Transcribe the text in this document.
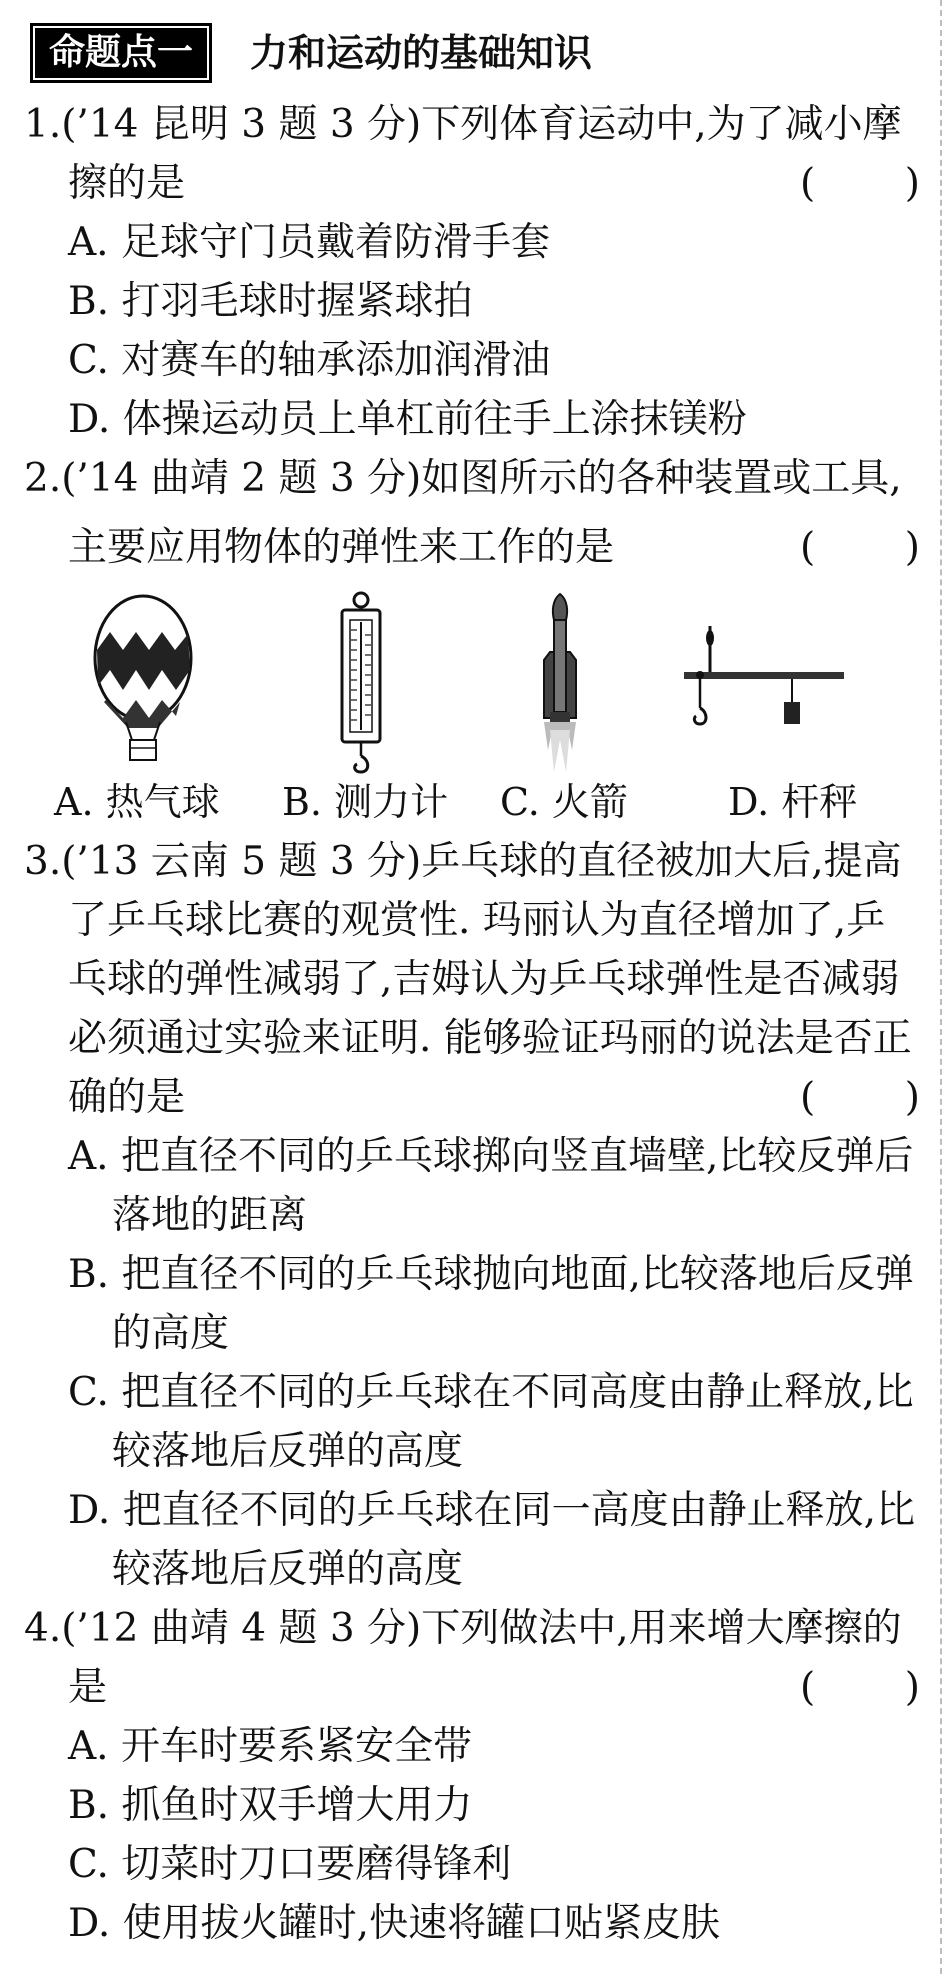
命题点一	力和运动的基础知识
1.(’14 昆明 3 题 3 分)下列体育运动中,为了减小摩
擦的是	( )
A. 足球守门员戴着防滑手套
B. 打羽毛球时握紧球拍
C. 对赛车的轴承添加润滑油
D. 体操运动员上单杠前往手上涂抹镁粉
2.(’14 曲靖 2 题 3 分)如图所示的各种装置或工具,
主要应用物体的弹性来工作的是	( )
A. 热气球 B. 测力计 C. 火箭	D. 杆秤
3.(’13 云南 5 题 3 分)乒乓球的直径被加大后,提高
了乒乓球比赛的观赏性. 玛丽认为直径增加了,乒
乓球的弹性减弱了,吉姆认为乒乓球弹性是否减弱
必须通过实验来证明. 能够验证玛丽的说法是否正
确的是	( )
A. 把直径不同的乒乓球掷向竖直墙壁,比较反弹后
落地的距离
B. 把直径不同的乒乓球抛向地面,比较落地后反弹
的高度
C. 把直径不同的乒乓球在不同高度由静止释放,比
较落地后反弹的高度
D. 把直径不同的乒乓球在同一高度由静止释放,比
较落地后反弹的高度
4.(’12 曲靖 4 题 3 分)下列做法中,用来增大摩擦的
是	( )
A. 开车时要系紧安全带
B. 抓鱼时双手增大用力
C. 切菜时刀口要磨得锋利
D. 使用拔火罐时,快速将罐口贴紧皮肤
